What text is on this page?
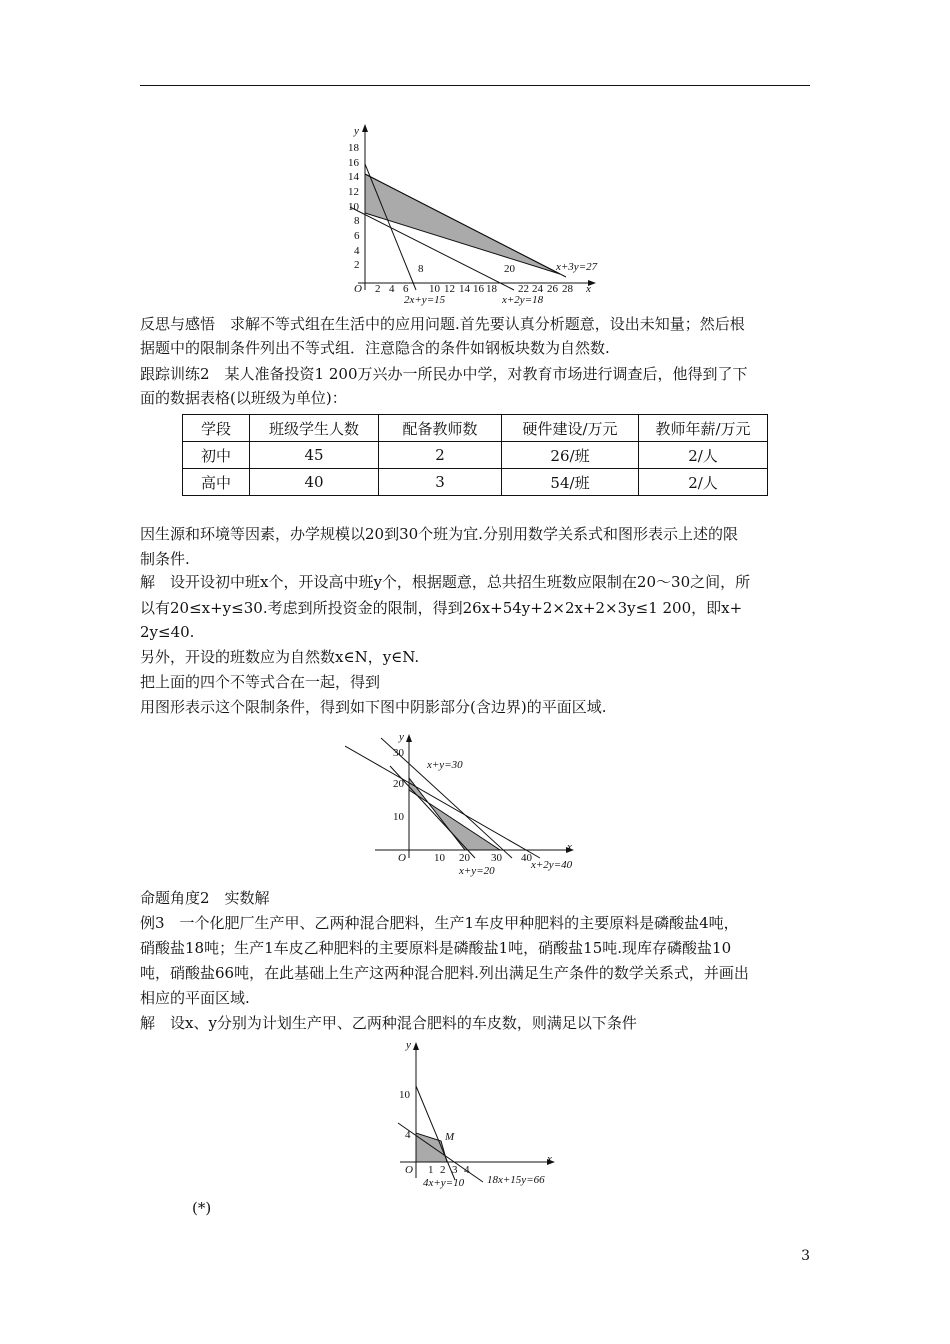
y
x
O
18
16
14
12
10
8
6
4
2
2 4 6 10 12 14 16 18 22 24 26 28
8	20
2x+y=15	x+2y=18
x+3y=27
反思与感悟　求解不等式组在生活中的应用问题.首先要认真分析题意，设出未知量；然后根
据题中的限制条件列出不等式组．注意隐含的条件如钢板块数为自然数.
跟踪训练2　某人准备投资1 200万兴办一所民办中学，对教育市场进行调查后，他得到了下
面的数据表格(以班级为单位)：
学段	班级学生人数	配备教师数	硬件建设/万元	教师年薪/万元
初中	45	2	26/班	2/人
高中	40	3	54/班	2/人
因生源和环境等因素，办学规模以20到30个班为宜.分别用数学关系式和图形表示上述的限
制条件.
解　设开设初中班x个，开设高中班y个，根据题意，总共招生班数应限制在20～30之间，所
以有20≤x+y≤30.考虑到所投资金的限制，得到26x+54y+2×2x+2×3y≤1 200，即x+
2y≤40.
另外，开设的班数应为自然数x∈N，y∈N.
把上面的四个不等式合在一起，得到
用图形表示这个限制条件，得到如下图中阴影部分(含边界)的平面区域.
y
x
O
30
20
10
10 20 30 40
x+y=30
x+y=20	x+2y=40
命题角度2　实数解
例3　一个化肥厂生产甲、乙两种混合肥料，生产1车皮甲种肥料的主要原料是磷酸盐4吨，
硝酸盐18吨；生产1车皮乙种肥料的主要原料是磷酸盐1吨，硝酸盐15吨.现库存磷酸盐10
吨，硝酸盐66吨，在此基础上生产这两种混合肥料.列出满足生产条件的数学关系式，并画出
相应的平面区域.
解　设x、y分别为计划生产甲、乙两种混合肥料的车皮数，则满足以下条件
y
x
O
10
4
1 2 3 4
M
4x+y=10 18x+15y=66
(*)
3
